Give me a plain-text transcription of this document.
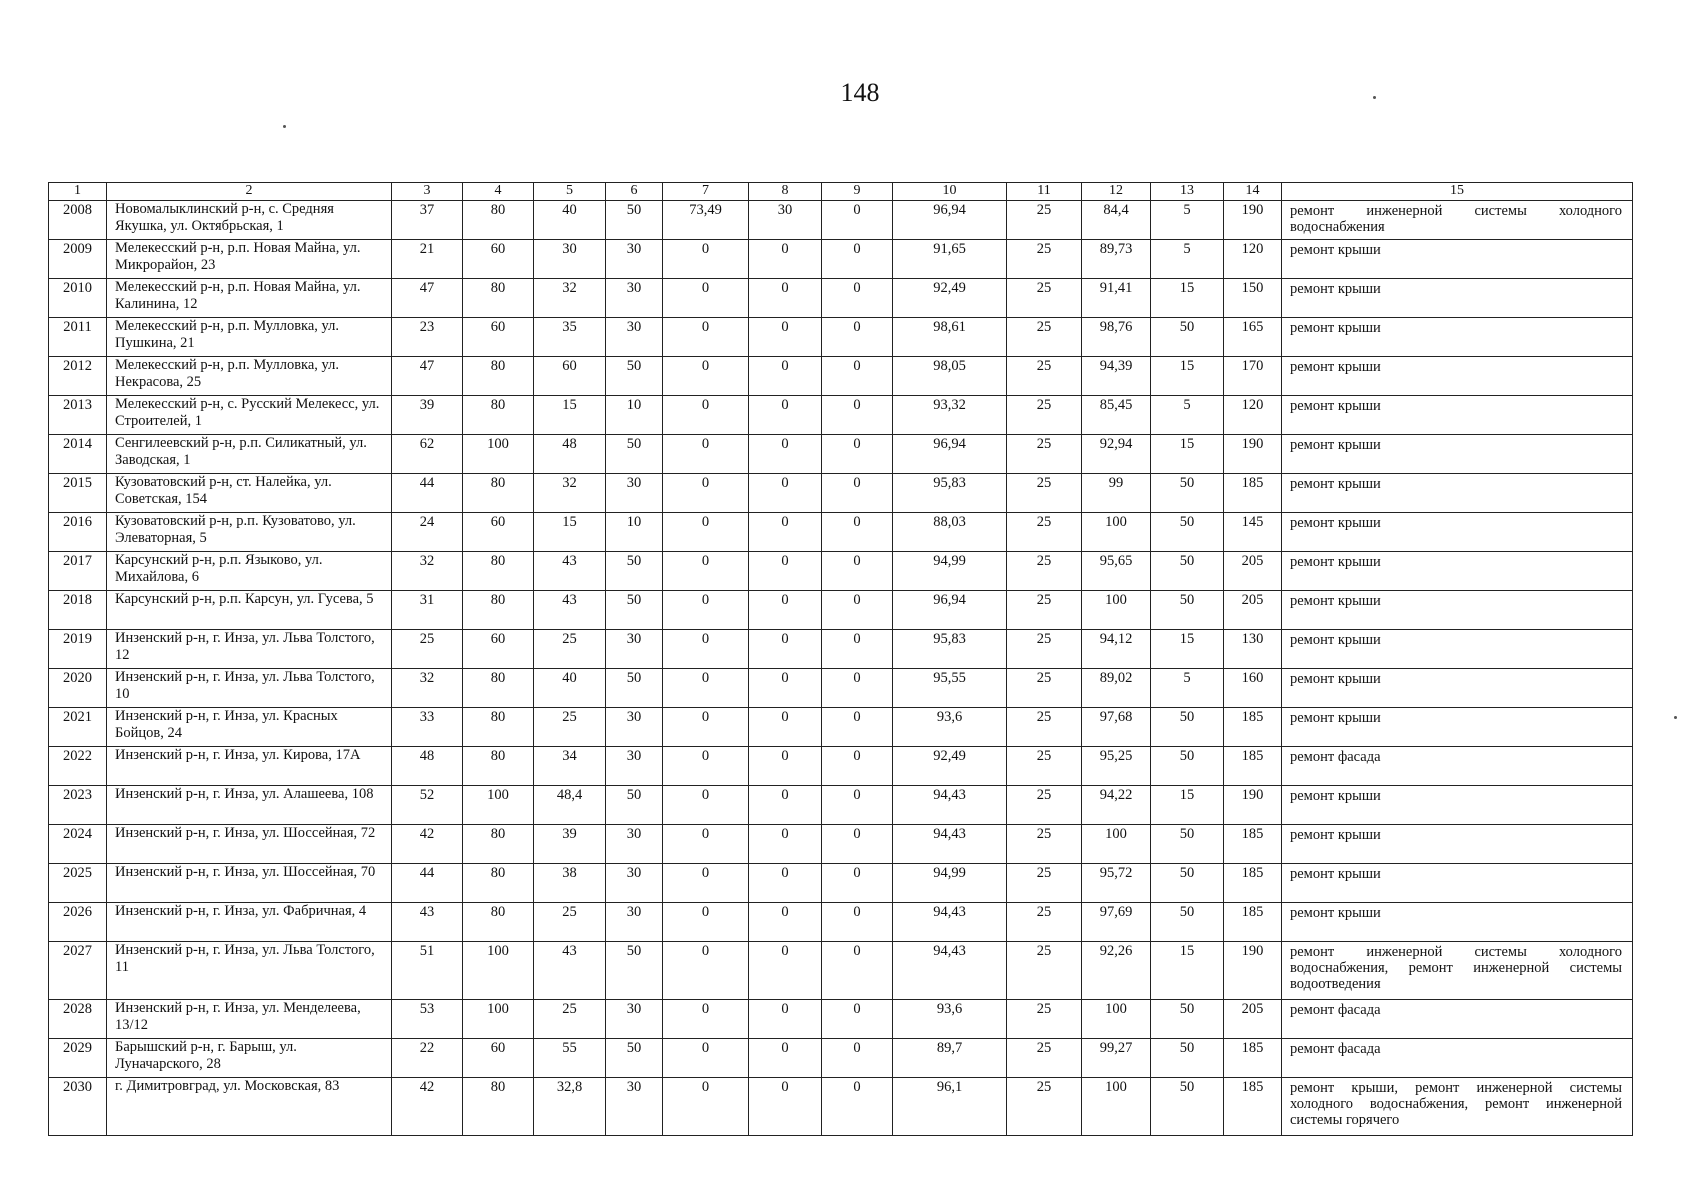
148
1	2	3	4	5	6	7	8	9	10	11	12	13	14	15
2008	Новомалыклинский р-н, с. Средняя Якушка, ул. Октябрьская, 1	37	80	40	50	73,49	30	0	96,94	25	84,4	5	190	ремонт инженерной системы холодного водоснабжения
2009	Мелекесский р-н, р.п. Новая Майна, ул. Микрорайон, 23	21	60	30	30	0	0	0	91,65	25	89,73	5	120	ремонт крыши
2010	Мелекесский р-н, р.п. Новая Майна, ул. Калинина, 12	47	80	32	30	0	0	0	92,49	25	91,41	15	150	ремонт крыши
2011	Мелекесский р-н, р.п. Мулловка, ул. Пушкина, 21	23	60	35	30	0	0	0	98,61	25	98,76	50	165	ремонт крыши
2012	Мелекесский р-н, р.п. Мулловка, ул. Некрасова, 25	47	80	60	50	0	0	0	98,05	25	94,39	15	170	ремонт крыши
2013	Мелекесский р-н, с. Русский Мелекесс, ул. Строителей, 1	39	80	15	10	0	0	0	93,32	25	85,45	5	120	ремонт крыши
2014	Сенгилеевский р-н, р.п. Силикатный, ул. Заводская, 1	62	100	48	50	0	0	0	96,94	25	92,94	15	190	ремонт крыши
2015	Кузоватовский р-н, ст. Налейка, ул. Советская, 154	44	80	32	30	0	0	0	95,83	25	99	50	185	ремонт крыши
2016	Кузоватовский р-н, р.п. Кузоватово, ул. Элеваторная, 5	24	60	15	10	0	0	0	88,03	25	100	50	145	ремонт крыши
2017	Карсунский р-н, р.п. Языково, ул. Михайлова, 6	32	80	43	50	0	0	0	94,99	25	95,65	50	205	ремонт крыши
2018	Карсунский р-н, р.п. Карсун, ул. Гусева, 5	31	80	43	50	0	0	0	96,94	25	100	50	205	ремонт крыши
2019	Инзенский р-н, г. Инза, ул. Льва Толстого, 12	25	60	25	30	0	0	0	95,83	25	94,12	15	130	ремонт крыши
2020	Инзенский р-н, г. Инза, ул. Льва Толстого, 10	32	80	40	50	0	0	0	95,55	25	89,02	5	160	ремонт крыши
2021	Инзенский р-н, г. Инза, ул. Красных Бойцов, 24	33	80	25	30	0	0	0	93,6	25	97,68	50	185	ремонт крыши
2022	Инзенский р-н, г. Инза, ул. Кирова, 17А	48	80	34	30	0	0	0	92,49	25	95,25	50	185	ремонт фасада
2023	Инзенский р-н, г. Инза, ул. Алашеева, 108	52	100	48,4	50	0	0	0	94,43	25	94,22	15	190	ремонт крыши
2024	Инзенский р-н, г. Инза, ул. Шоссейная, 72	42	80	39	30	0	0	0	94,43	25	100	50	185	ремонт крыши
2025	Инзенский р-н, г. Инза, ул. Шоссейная, 70	44	80	38	30	0	0	0	94,99	25	95,72	50	185	ремонт крыши
2026	Инзенский р-н, г. Инза, ул. Фабричная, 4	43	80	25	30	0	0	0	94,43	25	97,69	50	185	ремонт крыши
2027	Инзенский р-н, г. Инза, ул. Льва Толстого, 11	51	100	43	50	0	0	0	94,43	25	92,26	15	190	ремонт инженерной системы холодного водоснабжения, ремонт инженерной системы водоотведения
2028	Инзенский р-н, г. Инза, ул. Менделеева, 13/12	53	100	25	30	0	0	0	93,6	25	100	50	205	ремонт фасада
2029	Барышский р-н, г. Барыш, ул. Луначарского, 28	22	60	55	50	0	0	0	89,7	25	99,27	50	185	ремонт фасада
2030	г. Димитровград, ул. Московская, 83	42	80	32,8	30	0	0	0	96,1	25	100	50	185	ремонт крыши, ремонт инженерной системы холодного водоснабжения, ремонт инженерной системы горячего
